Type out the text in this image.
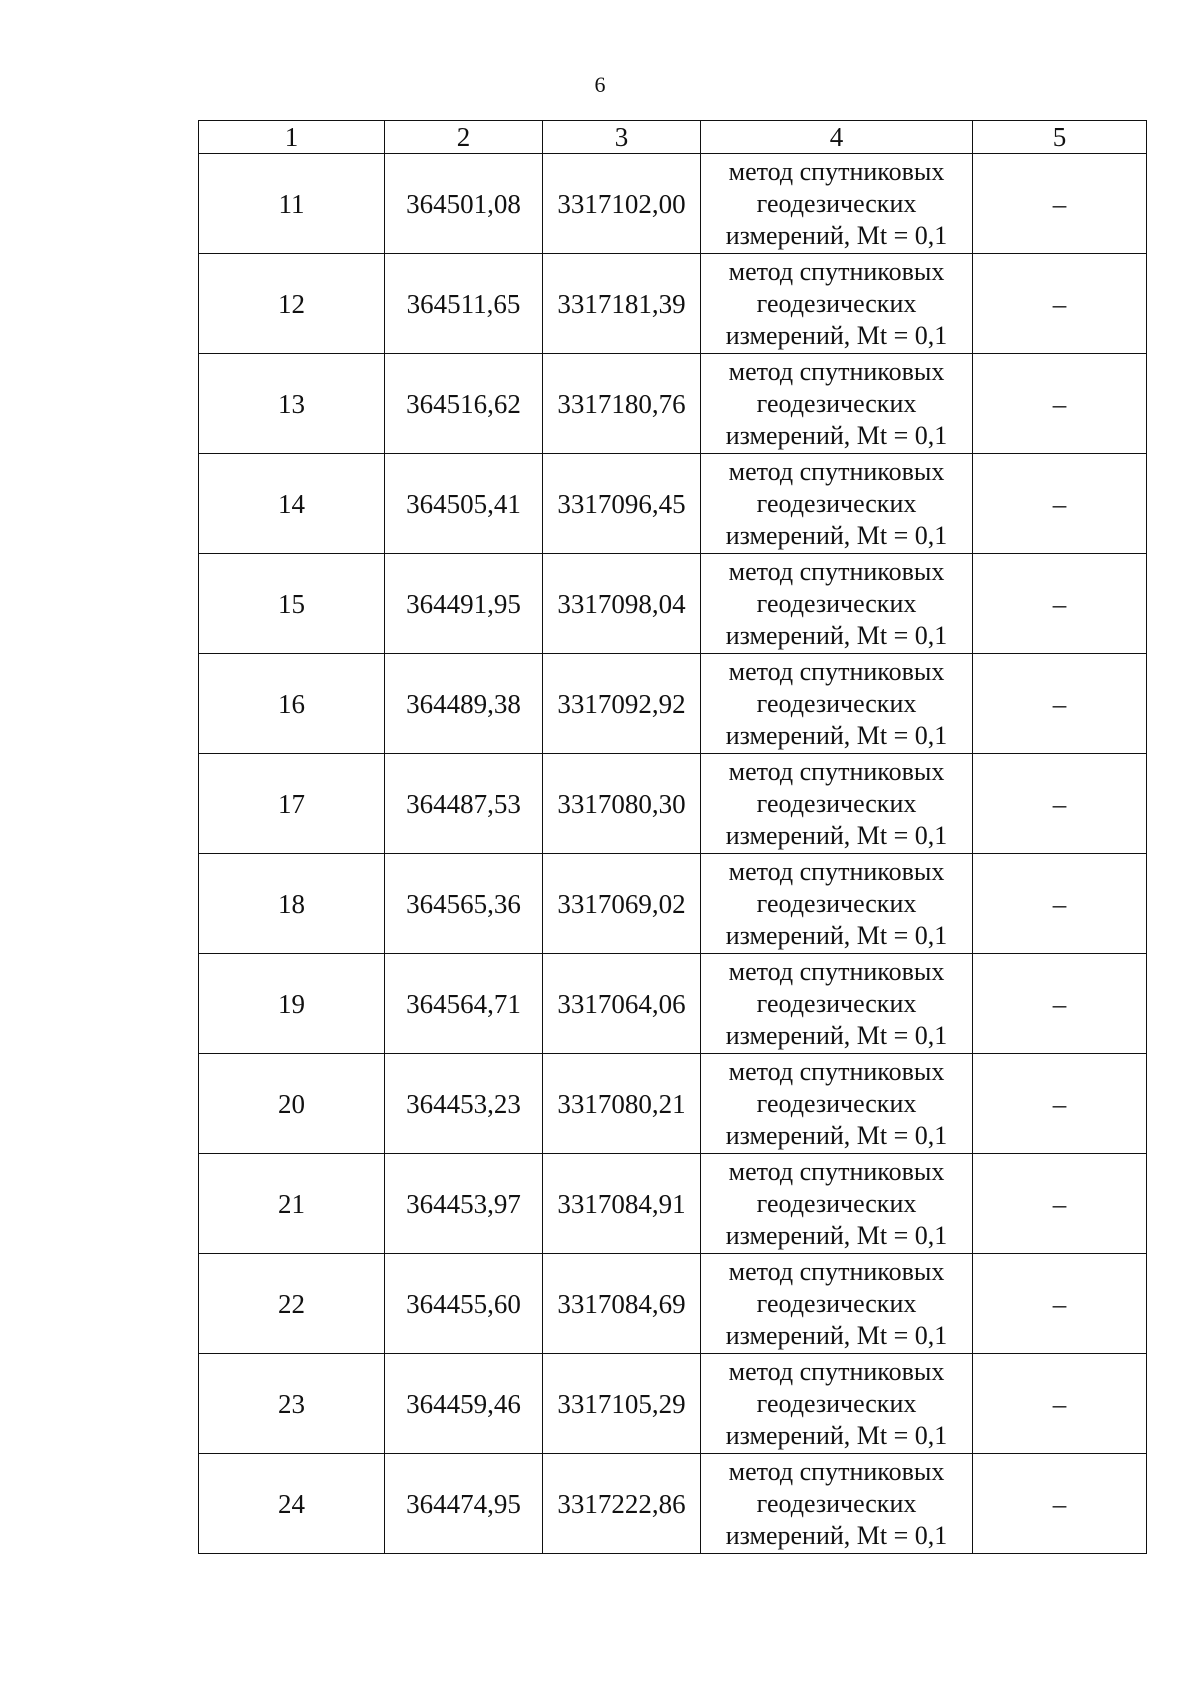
6
1	2	3	4	5
11	364501,08	3317102,00	метод спутниковых геодезических измерений, Mt = 0,1	–
12	364511,65	3317181,39	метод спутниковых геодезических измерений, Mt = 0,1	–
13	364516,62	3317180,76	метод спутниковых геодезических измерений, Mt = 0,1	–
14	364505,41	3317096,45	метод спутниковых геодезических измерений, Mt = 0,1	–
15	364491,95	3317098,04	метод спутниковых геодезических измерений, Mt = 0,1	–
16	364489,38	3317092,92	метод спутниковых геодезических измерений, Mt = 0,1	–
17	364487,53	3317080,30	метод спутниковых геодезических измерений, Mt = 0,1	–
18	364565,36	3317069,02	метод спутниковых геодезических измерений, Mt = 0,1	–
19	364564,71	3317064,06	метод спутниковых геодезических измерений, Mt = 0,1	–
20	364453,23	3317080,21	метод спутниковых геодезических измерений, Mt = 0,1	–
21	364453,97	3317084,91	метод спутниковых геодезических измерений, Mt = 0,1	–
22	364455,60	3317084,69	метод спутниковых геодезических измерений, Mt = 0,1	–
23	364459,46	3317105,29	метод спутниковых геодезических измерений, Mt = 0,1	–
24	364474,95	3317222,86	метод спутниковых геодезических измерений, Mt = 0,1	–
